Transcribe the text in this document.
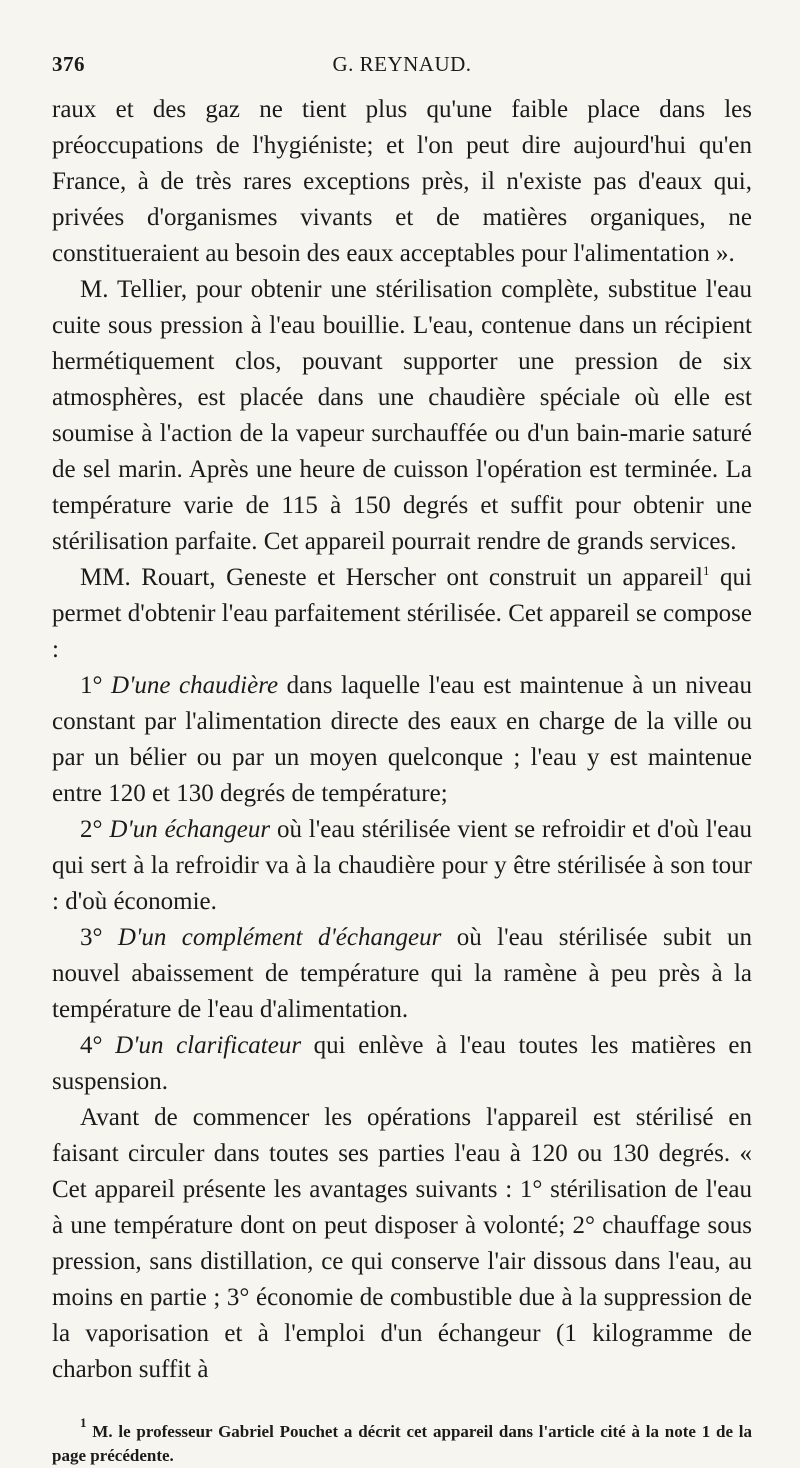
376	G. REYNAUD.

raux et des gaz ne tient plus qu'une faible place dans les préoccupations de l'hygiéniste; et l'on peut dire aujourd'hui qu'en France, à de très rares exceptions près, il n'existe pas d'eaux qui, privées d'organismes vivants et de matières organiques, ne constitueraient au besoin des eaux acceptables pour l'alimentation ».

M. Tellier, pour obtenir une stérilisation complète, substitue l'eau cuite sous pression à l'eau bouillie. L'eau, contenue dans un récipient hermétiquement clos, pouvant supporter une pression de six atmosphères, est placée dans une chaudière spéciale où elle est soumise à l'action de la vapeur surchauffée ou d'un bain-marie saturé de sel marin. Après une heure de cuisson l'opération est terminée. La température varie de 115 à 150 degrés et suffit pour obtenir une stérilisation parfaite. Cet appareil pourrait rendre de grands services.

MM. Rouart, Geneste et Herscher ont construit un appareil$^1$ qui permet d'obtenir l'eau parfaitement stérilisée. Cet appareil se compose :

1° D'une chaudière dans laquelle l'eau est maintenue à un niveau constant par l'alimentation directe des eaux en charge de la ville ou par un bélier ou par un moyen quelconque ; l'eau y est maintenue entre 120 et 130 degrés de température;

2° D'un échangeur où l'eau stérilisée vient se refroidir et d'où l'eau qui sert à la refroidir va à la chaudière pour y être stérilisée à son tour : d'où économie.

3° D'un complément d'échangeur où l'eau stérilisée subit un nouvel abaissement de température qui la ramène à peu près à la température de l'eau d'alimentation.

4° D'un clarificateur qui enlève à l'eau toutes les matières en suspension.

Avant de commencer les opérations l'appareil est stérilisé en faisant circuler dans toutes ses parties l'eau à 120 ou 130 degrés. « Cet appareil présente les avantages suivants : 1° stérilisation de l'eau à une température dont on peut disposer à volonté; 2° chauffage sous pression, sans distillation, ce qui conserve l'air dissous dans l'eau, au moins en partie ; 3° économie de combustible due à la suppression de la vaporisation et à l'emploi d'un échangeur (1 kilogramme de charbon suffit à

$^1$ M. le professeur Gabriel Pouchet a décrit cet appareil dans l'article cité à la note 1 de la page précédente.
